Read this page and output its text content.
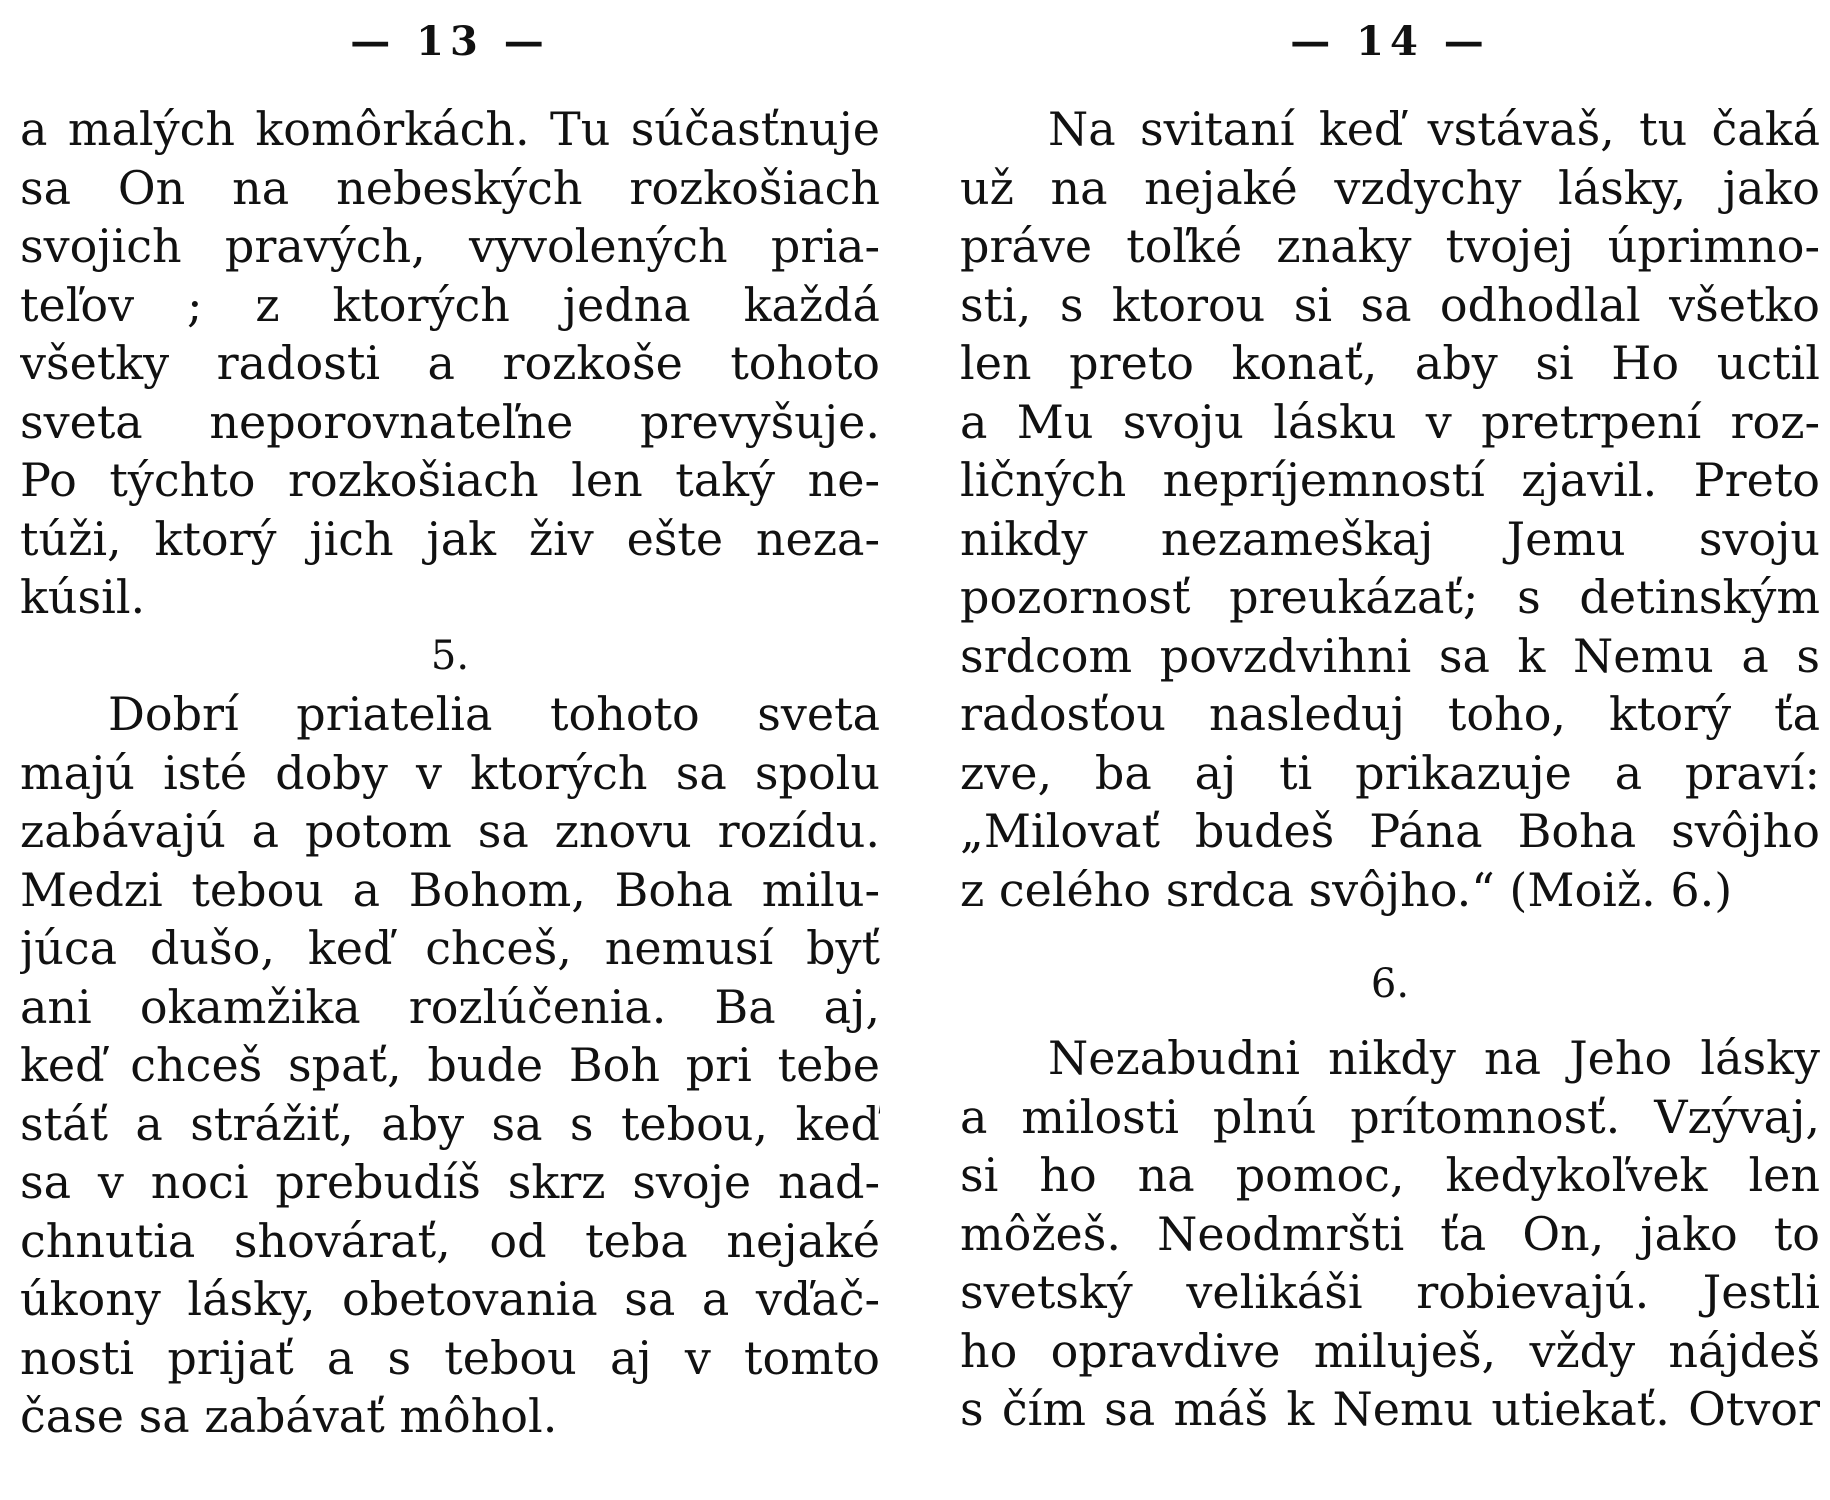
— 13 —
a malých komôrkách. Tu súčasťnuje
sa On na nebeských rozkošiach
svojich pravých, vyvolených pria-
teľov ; z ktorých jedna každá
všetky radosti a rozkoše tohoto
sveta neporovnateľne prevyšuje.
Po týchto rozkošiach len taký ne-
túži, ktorý jich jak živ ešte neza-
kúsil.
5.
Dobrí priatelia tohoto sveta
majú isté doby v ktorých sa spolu
zabávajú a potom sa znovu rozídu.
Medzi tebou a Bohom, Boha milu-
júca dušo, keď chceš, nemusí byť
ani okamžika rozlúčenia. Ba aj,
keď chceš spať, bude Boh pri tebe
stáť a strážiť, aby sa s tebou, keď
sa v noci prebudíš skrz svoje nad-
chnutia shovárať, od teba nejaké
úkony lásky, obetovania sa a vďač-
nosti prijať a s tebou aj v tomto
čase sa zabávať môhol.
— 14 —
Na svitaní keď vstávaš, tu čaká
už na nejaké vzdychy lásky, jako
práve toľké znaky tvojej úprimno-
sti, s ktorou si sa odhodlal všetko
len preto konať, aby si Ho uctil
a Mu svoju lásku v pretrpení roz-
ličných nepríjemností zjavil. Preto
nikdy nezameškaj Jemu svoju
pozornosť preukázať; s detinským
srdcom povzdvihni sa k Nemu a s
radosťou nasleduj toho, ktorý ťa
zve, ba aj ti prikazuje a praví:
„Milovať budeš Pána Boha svôjho
z celého srdca svôjho.“ (Moiž. 6.)
6.
Nezabudni nikdy na Jeho lásky
a milosti plnú prítomnosť. Vzývaj,
si ho na pomoc, kedykoľvek len
môžeš. Neodmršti ťa On, jako to
svetský velikáši robievajú. Jestli
ho opravdive miluješ, vždy nájdeš
s čím sa máš k Nemu utiekať. Otvor
